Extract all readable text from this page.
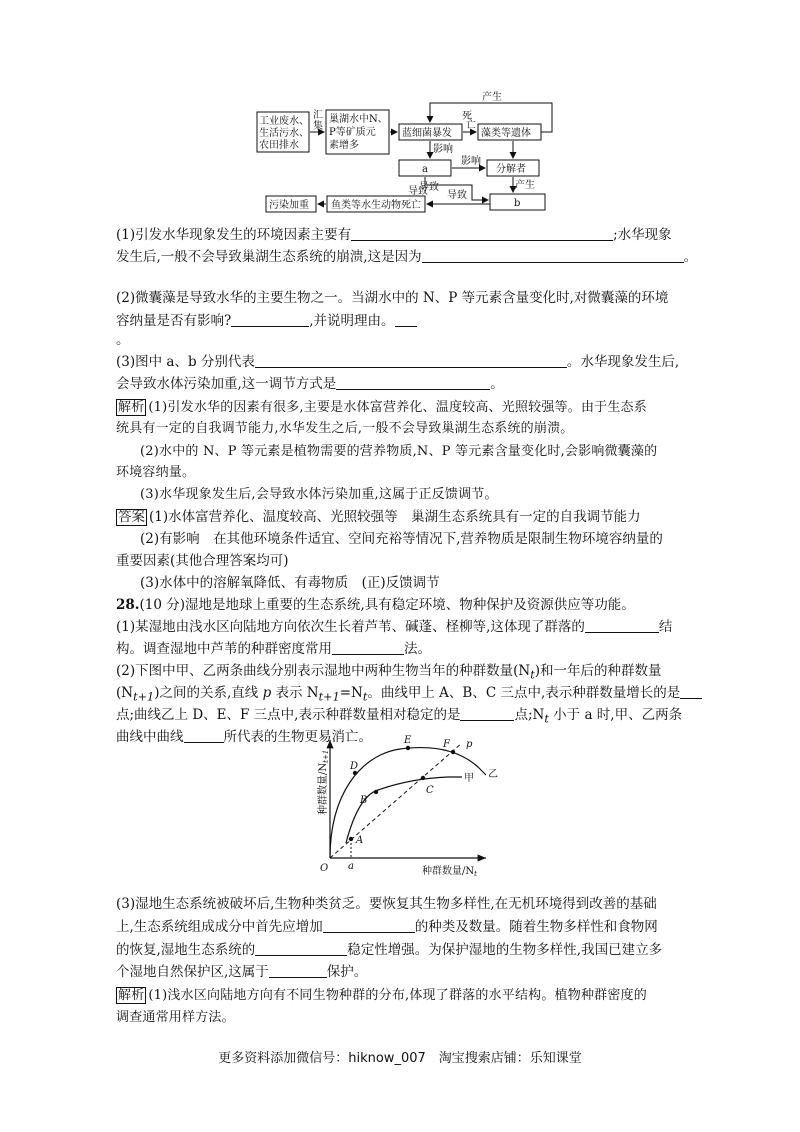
工业废水、
生活污水、
农田排水
汇
集
巢湖水中N、
P等矿质元
素增多
蓝细菌暴发	藻类等遗体
死
亡
产生
影响
a
影响
分解者
产生
导致
导致
b
鱼类等水生动物死亡
导致
污染加重
(1)引发水华现象发生的环境因素主要有	;水华现象
发生后,一般不会导致巢湖生态系统的崩溃,这是因为	。
(2)微囊藻是导致水华的主要生物之一。当湖水中的 N、P 等元素含量变化时,对微囊藻的环境
容纳量是否有影响?	,并说明理由。
。
(3)图中 a、b 分别代表	。水华现象发生后,
会导致水体污染加重,这一调节方式是	。
解析 (1)引发水华的因素有很多,主要是水体富营养化、温度较高、光照较强等。由于生态系
统具有一定的自我调节能力,水华发生之后,一般不会导致巢湖生态系统的崩溃。
(2)水中的 N、P 等元素是植物需要的营养物质,N、P 等元素含量变化时,会影响微囊藻的
环境容纳量。
(3)水华现象发生后,会导致水体污染加重,这属于正反馈调节。
答案 (1)水体富营养化、温度较高、光照较强等　巢湖生态系统具有一定的自我调节能力
(2)有影响　在其他环境条件适宜、空间充裕等情况下,营养物质是限制生物环境容纳量的
重要因素(其他合理答案均可)
(3)水体中的溶解氧降低、有毒物质　(正)反馈调节
28.(10 分)湿地是地球上重要的生态系统,具有稳定环境、物种保护及资源供应等功能。
(1)某湿地由浅水区向陆地方向依次生长着芦苇、碱蓬、柽柳等,这体现了群落的	结
构。调查湿地中芦苇的种群密度常用	法。
(2)下图中甲、乙两条曲线分别表示湿地中两种生物当年的种群数量$(N_t)$和一年后的种群数量
$(N_{t+1})$之间的关系,直线 p 表示 $N_{t+1}=N_t$。曲线甲上 A、B、C 三点中,表示种群数量增长的是
点;曲线乙上 D、E、F 三点中,表示种群数量相对稳定的是	点$;N_t$ 小于 a 时,甲、乙两条
曲线中曲线	所代表的生物更易消亡。
A
B
C
D
E	F p
O a
乙
甲
种群数量$/N_t$
种群数量$/N_{t+1}$
(3)湿地生态系统被破坏后,生物种类贫乏。要恢复其生物多样性,在无机环境得到改善的基础
上,生态系统组成成分中首先应增加	的种类及数量。随着生物多样性和食物网
的恢复,湿地生态系统的	稳定性增强。为保护湿地的生物多样性,我国已建立多
个湿地自然保护区,这属于	保护。
解析 (1)浅水区向陆地方向有不同生物种群的分布,体现了群落的水平结构。植物种群密度的
调查通常用样方法。
更多资料添加微信号：hiknow_007　淘宝搜索店铺：乐知课堂
